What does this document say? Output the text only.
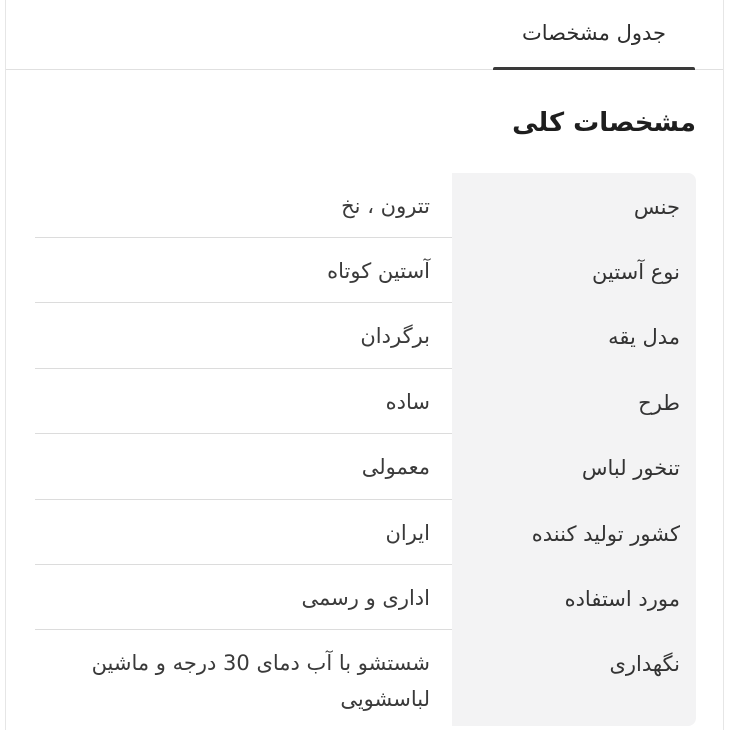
جدول مشخصات
مشخصات کلی
جنس
تترون ، نخ
نوع آستین
آستین کوتاه
مدل یقه
برگردان
طرح
ساده
تنخور لباس
معمولی
کشور تولید کننده
ایران
مورد استفاده
اداری و رسمی
نگهداری
شستشو با آب دمای 30 درجه و ماشین لباسشویی
